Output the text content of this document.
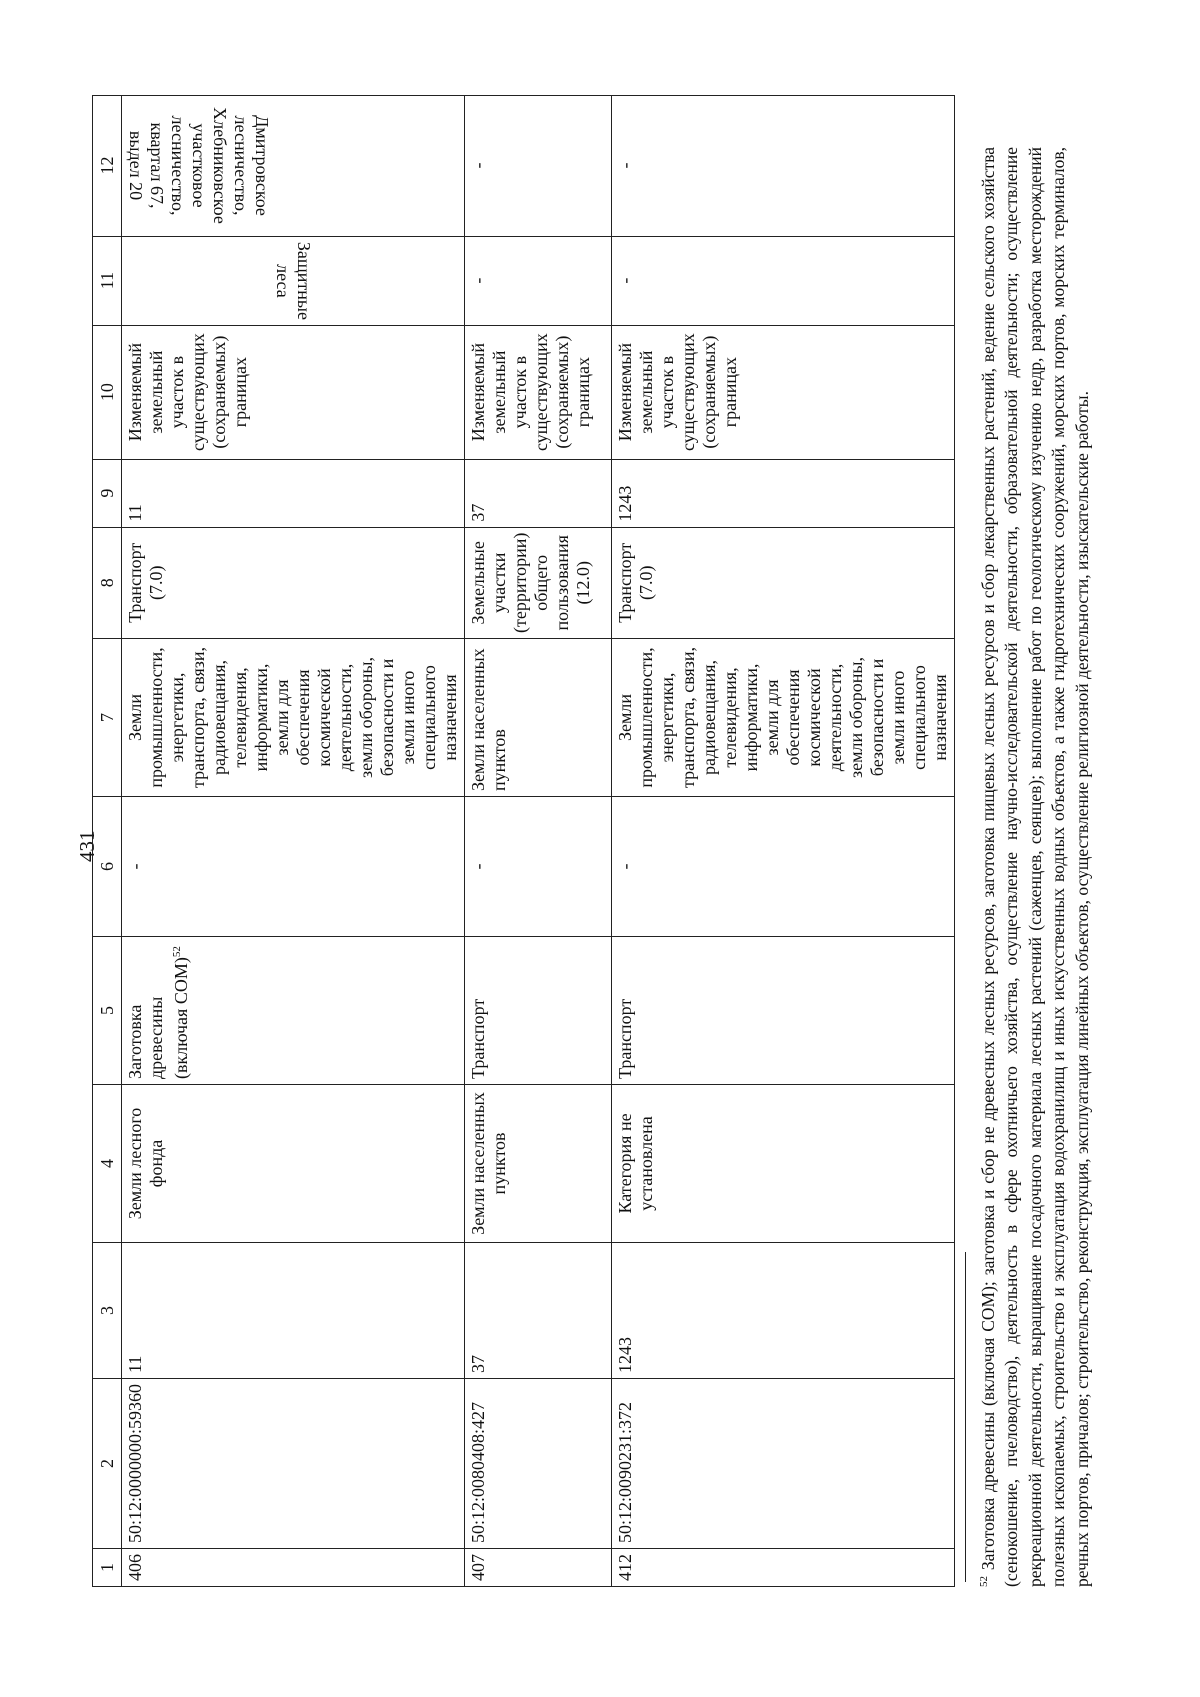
431
1	2	3	4	5	6	7	8	9	10	11	12
406	50:12:0000000:59360	11	Земли лесного фонда	Заготовка древесины (включая СОМ)$^{52}$	-	Земли промышленности, энергетики, транспорта, связи, радиовещания, телевидения, информатики, земли для обеспечения космической деятельности, земли обороны, безопасности и земли иного специального назначения	Транспорт (7.0)	11	Изменяемый земельный участок в существующих (сохраняемых) границах	Защитные леса	Дмитровское лесничество, Хлебниковское участковое лесничество, квартал 67, выдел 20
407	50:12:0080408:427	37	Земли населенных пунктов	Транспорт	-	Земли населенных пунктов	Земельные участки (территории) общего пользования (12.0)	37	Изменяемый земельный участок в существующих (сохраняемых) границах	-	-
412	50:12:0090231:372	1243	Категория не установлена	Транспорт	-	Земли промышленности, энергетики, транспорта, связи, радиовещания, телевидения, информатики, земли для обеспечения космической деятельности, земли обороны, безопасности и земли иного специального назначения	Транспорт (7.0)	1243	Изменяемый земельный участок в существующих (сохраняемых) границах	-	-
$^{52}$ Заготовка древесины (включая СОМ); заготовка и сбор не древесных лесных ресурсов, заготовка пищевых лесных ресурсов и сбор лекарственных растений, ведение сельского хозяйства (сенокошение, пчеловодство), деятельность в сфере охотничьего хозяйства, осуществление научно-исследовательской деятельности, образовательной деятельности; осуществление рекреационной деятельности, выращивание посадочного материала лесных растений (саженцев, сеянцев); выполнение работ по геологическому изучению недр, разработка месторождений полезных ископаемых, строительство и эксплуатация водохранилищ и иных искусственных водных объектов, а также гидротехнических сооружений, морских портов, морских терминалов, речных портов, причалов; строительство, реконструкция, эксплуатация линейных объектов, осуществление религиозной деятельности, изыскательские работы.
